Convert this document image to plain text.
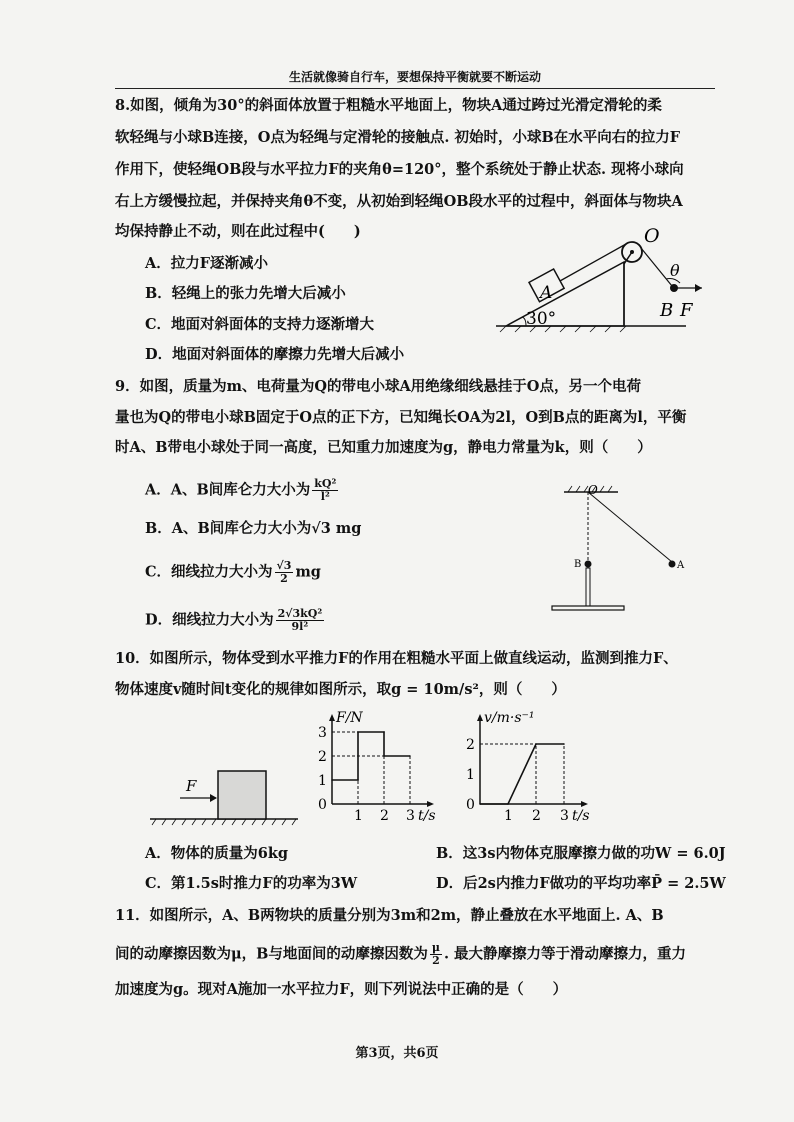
生活就像骑自行车，要想保持平衡就要不断运动
8.如图，倾角为30°的斜面体放置于粗糙水平地面上，物块A通过跨过光滑定滑轮的柔
软轻绳与小球B连接，O点为轻绳与定滑轮的接触点. 初始时，小球B在水平向右的拉力F
作用下，使轻绳OB段与水平拉力F的夹角θ=120°，整个系统处于静止状态. 现将小球向
右上方缓慢拉起，并保持夹角θ不变，从初始到轻绳OB段水平的过程中，斜面体与物块A
均保持静止不动，则在此过程中(　　)
A．拉力F逐渐减小
B．轻绳上的张力先增大后减小
C．地面对斜面体的支持力逐渐增大
D．地面对斜面体的摩擦力先增大后减小
A
O
θ
B F
30°
9．如图，质量为m、电荷量为Q的带电小球A用绝缘细线悬挂于O点，另一个电荷
量也为Q的带电小球B固定于O点的正下方，已知绳长OA为2l，O到B点的距离为l，平衡
时A、B带电小球处于同一高度，已知重力加速度为g，静电力常量为k，则（　　）
A．A、B间库仑力大小为 $\frac{\text{kQ²}}{\text{l²}}$
B．A、B间库仑力大小为√3 mg
C．细线拉力大小为 $\frac{√3}{2}$ mg
D．细线拉力大小为 $\frac{\text{2√3kQ²}}{\text{9l²}}$
A
O
B
10．如图所示，物体受到水平推力F的作用在粗糙水平面上做直线运动，监测到推力F、
物体速度v随时间t变化的规律如图所示，取g = 10m/s²，则（　　）
F
F/N
t/s
0
1
2
3
1 2 3
v/m·s⁻¹
t/s
0
1
2
1 2 3
A．物体的质量为6kg	B．这3s内物体克服摩擦力做的功W = 6.0J
C．第1.5s时推力F的功率为3W	D．后2s内推力F做功的平均功率P̄ = 2.5W
11．如图所示，A、B两物块的质量分别为3m和2m，静止叠放在水平地面上. A、B
间的动摩擦因数为μ，B与地面间的动摩擦因数为 $\frac{\mu}{2}$ . 最大静摩擦力等于滑动摩擦力，重力
加速度为g。现对A施加一水平拉力F，则下列说法中正确的是（　　）
第3页，共6页
